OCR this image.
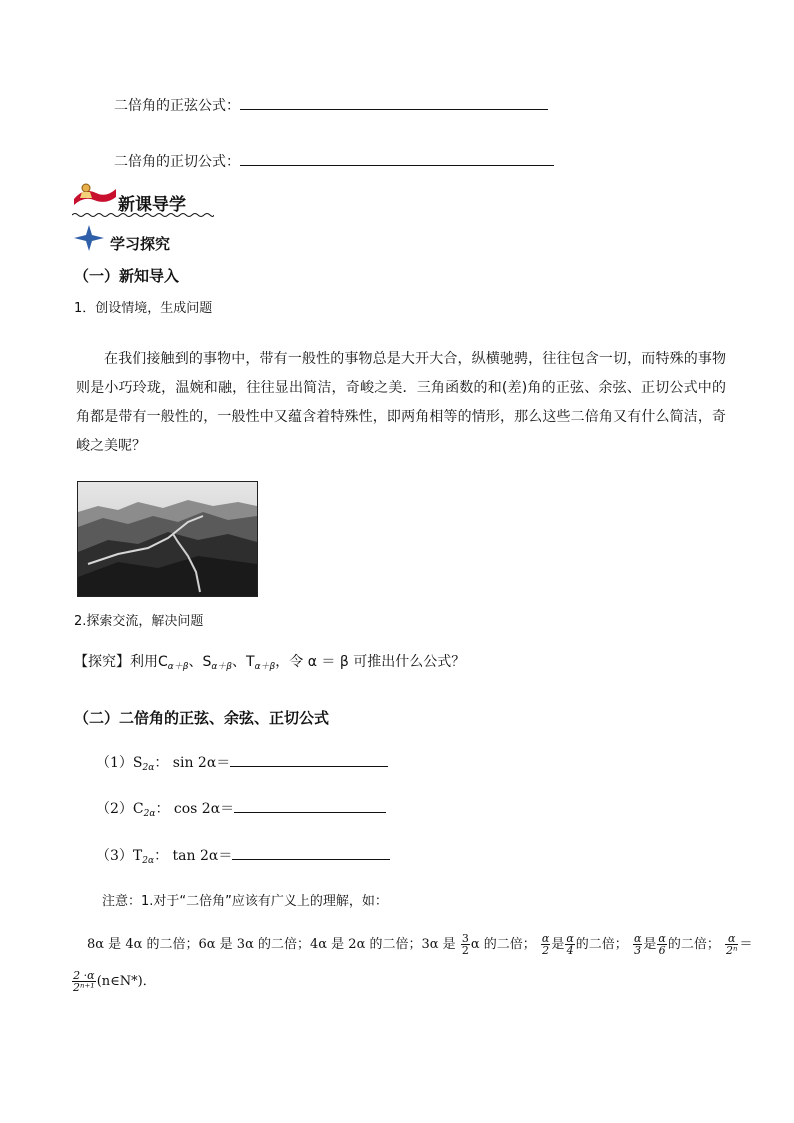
二倍角的正弦公式：
二倍角的正切公式：
新课导学
学习探究
（一）新知导入
1．创设情境，生成问题
在我们接触到的事物中，带有一般性的事物总是大开大合，纵横驰骋，往往包含一切，而特殊的事物则是小巧玲珑，温婉和融，往往显出简洁，奇峻之美．三角函数的和(差)角的正弦、余弦、正切公式中的角都是带有一般性的，一般性中又蕴含着特殊性，即两角相等的情形，那么这些二倍角又有什么简洁，奇峻之美呢？
2.探索交流，解决问题
【探究】利用$C_{\alpha+\beta}$、$S_{\alpha+\beta}$、$T_{\alpha+\beta}$，令 α ＝ β 可推出什么公式？
（二）二倍角的正弦、余弦、正切公式
$(1)S_{2\alpha}$： sin 2α＝
$(2)C_{2\alpha}$： cos 2α＝
$(3)T_{2\alpha}$： tan 2α＝
注意：1.对于“二倍角”应该有广义上的理解，如：
8α 是 4α 的二倍；6α 是 3α 的二倍；4α 是 2α 的二倍；3α 是 $\frac{3}{2}$ α 的二倍； $\frac{\alpha}{2}$ 是 $\frac{\alpha}{4}$ 的二倍； $\frac{\alpha}{3}$ 是 $\frac{\alpha}{6}$ 的二倍； $\frac{\alpha}{\text{2ⁿ}}$ ＝
$\frac{2 \cdot\alpha}{\text{2ⁿ⁺¹}}$ (n∈N*)．
